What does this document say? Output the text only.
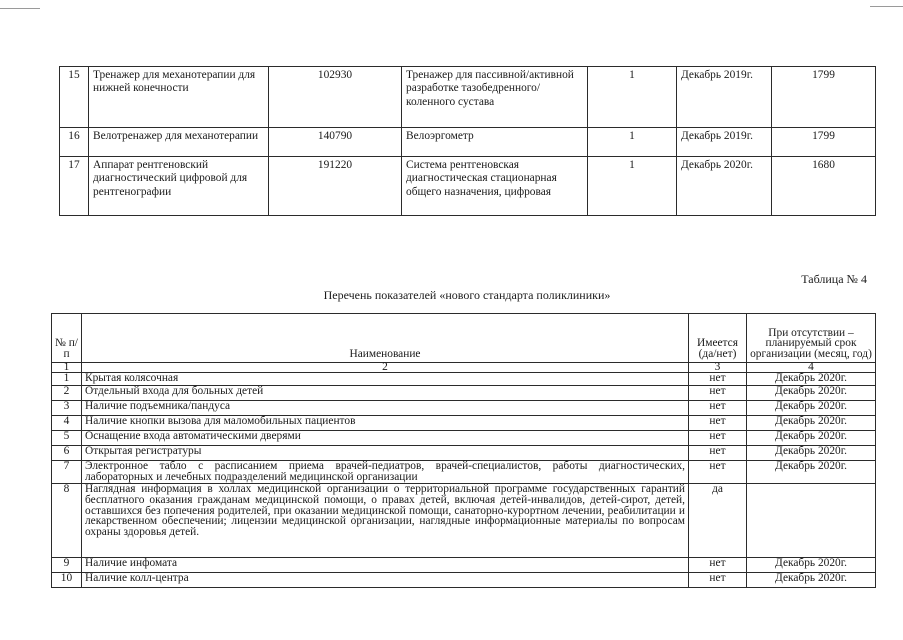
15	Тренажер для механотерапии для нижней конечности	102930	Тренажер для пассивной/активной разработке тазобедренного/коленного сустава	1	Декабрь 2019г.	1799
16	Велотренажер для механотерапии	140790	Велоэргометр	1	Декабрь 2019г.	1799
17	Аппарат рентгеновский диагностический цифровой для рентгенографии	191220	Система рентгеновская диагностическая стационарная общего назначения, цифровая	1	Декабрь 2020г.	1680
Таблица № 4
Перечень показателей «нового стандарта поликлиники»
№ п/п	Наименование	Имеется (да/нет)	При отсутствии – планируемый срок организации (месяц, год)
1	2	3	4
1	Крытая колясочная	нет	Декабрь 2020г.
2	Отдельный входа для больных детей	нет	Декабрь 2020г.
3	Наличие подъемника/пандуса	нет	Декабрь 2020г.
4	Наличие кнопки вызова для маломобильных пациентов	нет	Декабрь 2020г.
5	Оснащение входа автоматическими дверями	нет	Декабрь 2020г.
6	Открытая регистратуры	нет	Декабрь 2020г.
7	Электронное табло с расписанием приема врачей-педиатров, врачей-специалистов, работы диагностических, лабораторных и лечебных подразделений медицинской организации	нет	Декабрь 2020г.
8	Наглядная информация в холлах медицинской организации о территориальной программе государственных гарантий бесплатного оказания гражданам медицинской помощи, о правах детей, включая детей-инвалидов, детей-сирот, детей, оставшихся без попечения родителей, при оказании медицинской помощи, санаторно-курортном лечении, реабилитации и лекарственном обеспечении; лицензии медицинской организации, наглядные информационные материалы по вопросам охраны здоровья детей.	да	
9	Наличие инфомата	нет	Декабрь 2020г.
10	Наличие колл-центра	нет	Декабрь 2020г.
